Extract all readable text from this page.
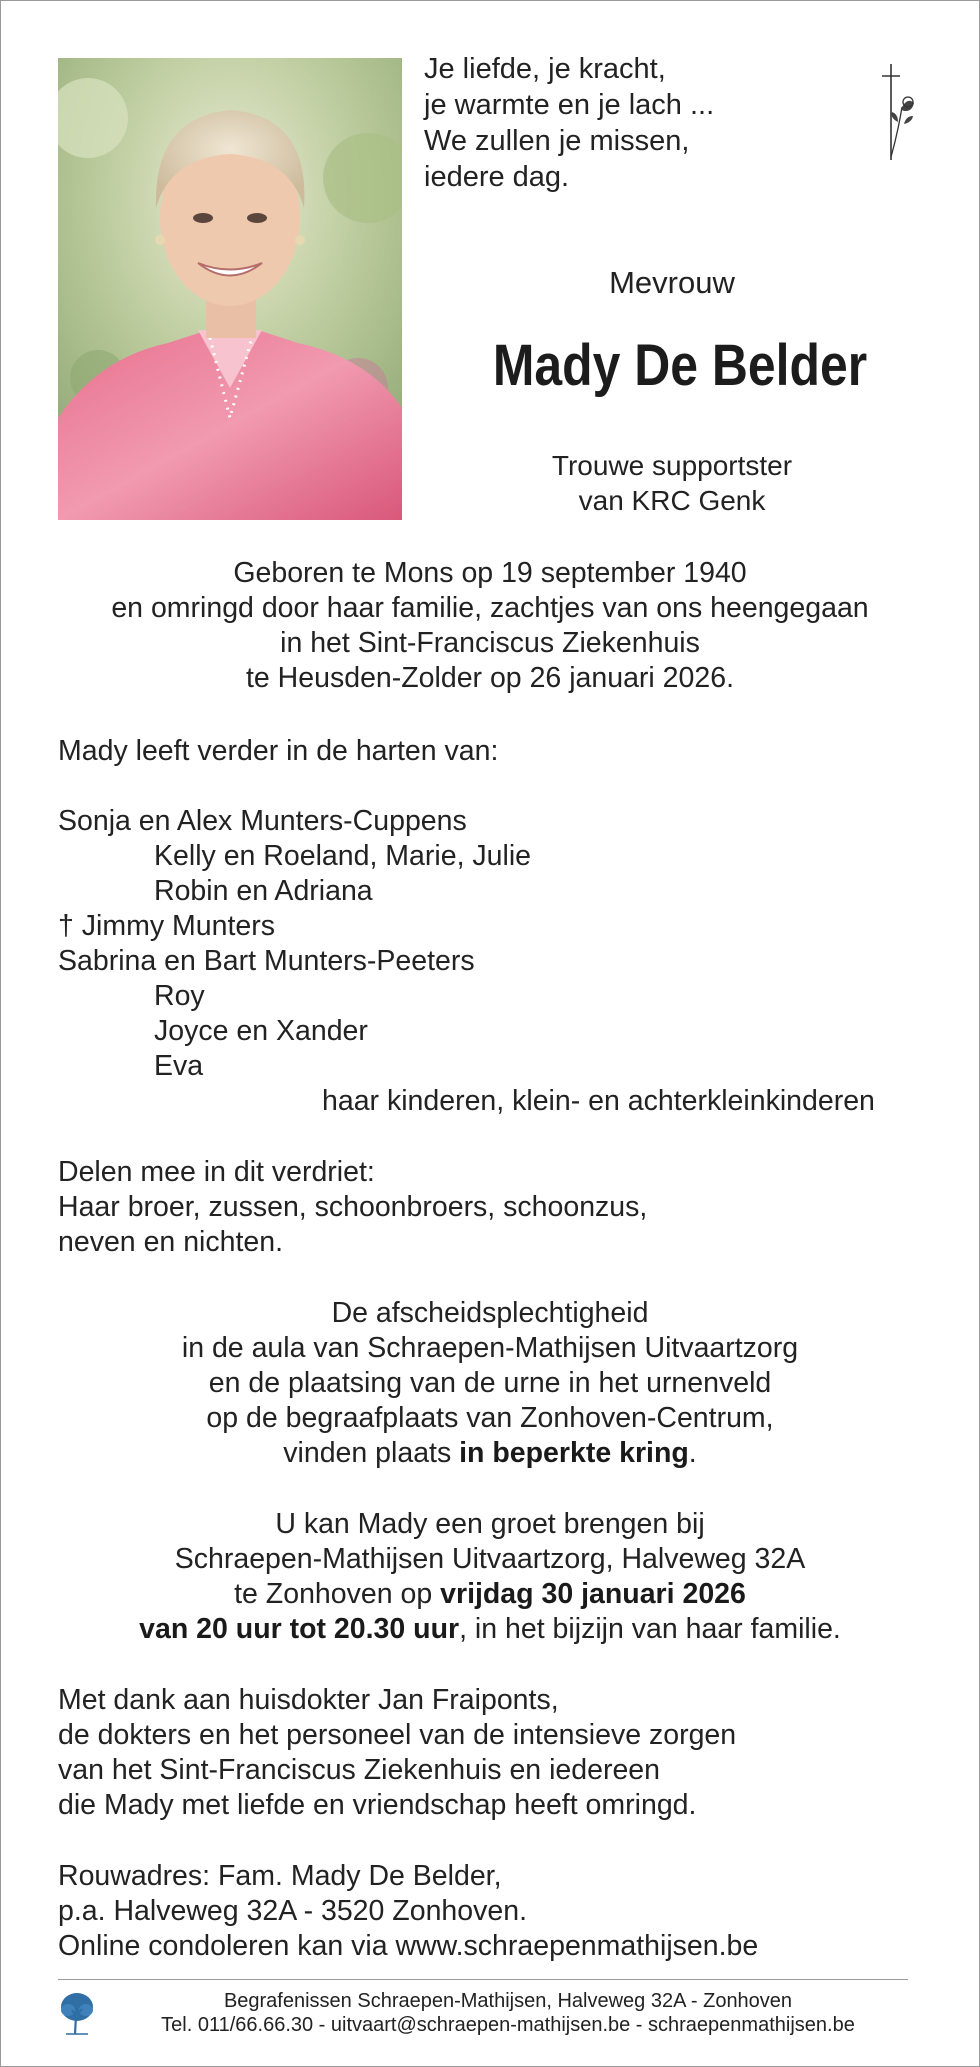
Je liefde, je kracht,
je warmte en je lach ...
We zullen je missen,
iedere dag.
Mevrouw
Mady De Belder
Trouwe supportster
van KRC Genk
Geboren te Mons op 19 september 1940
en omringd door haar familie, zachtjes van ons heengegaan
in het Sint-Franciscus Ziekenhuis
te Heusden-Zolder op 26 januari 2026.
Mady leeft verder in de harten van:
Sonja en Alex Munters-Cuppens
Kelly en Roeland, Marie, Julie
Robin en Adriana
† Jimmy Munters
Sabrina en Bart Munters-Peeters
Roy
Joyce en Xander
Eva
haar kinderen, klein- en achterkleinkinderen
Delen mee in dit verdriet:
Haar broer, zussen, schoonbroers, schoonzus,
neven en nichten.
De afscheidsplechtigheid
in de aula van Schraepen-Mathijsen Uitvaartzorg
en de plaatsing van de urne in het urnenveld
op de begraafplaats van Zonhoven-Centrum,
vinden plaats in beperkte kring.
U kan Mady een groet brengen bij
Schraepen-Mathijsen Uitvaartzorg, Halveweg 32A
te Zonhoven op vrijdag 30 januari 2026
van 20 uur tot 20.30 uur, in het bijzijn van haar familie.
Met dank aan huisdokter Jan Fraiponts,
de dokters en het personeel van de intensieve zorgen
van het Sint-Franciscus Ziekenhuis en iedereen
die Mady met liefde en vriendschap heeft omringd.
Rouwadres: Fam. Mady De Belder,
p.a. Halveweg 32A - 3520 Zonhoven.
Online condoleren kan via www.schraepenmathijsen.be
Begrafenissen Schraepen-Mathijsen, Halveweg 32A - Zonhoven
Tel. 011/66.66.30 - uitvaart@schraepen-mathijsen.be - schraepenmathijsen.be
